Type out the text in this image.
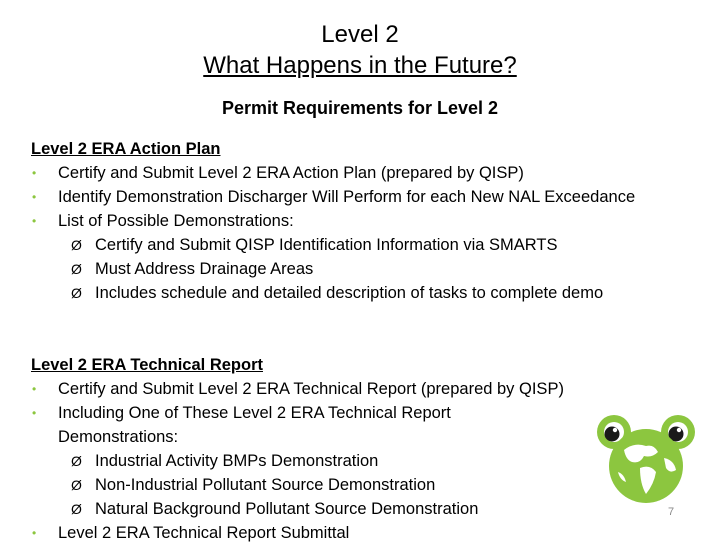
Level 2
What Happens in the Future?
Permit Requirements for Level 2
Level 2 ERA Action Plan
• Certify and Submit Level 2 ERA Action Plan (prepared by QISP)
• Identify Demonstration Discharger Will Perform for each New NAL Exceedance
• List of Possible Demonstrations:
Ø Certify and Submit QISP Identification Information via SMARTS
Ø Must Address Drainage Areas
Ø Includes schedule and detailed description of tasks to complete demo
Level 2 ERA Technical Report
• Certify and Submit Level 2 ERA Technical Report (prepared by QISP)
• Including One of These Level 2 ERA Technical Report Demonstrations:
Ø Industrial Activity BMPs Demonstration
Ø Non-Industrial Pollutant Source Demonstration
Ø Natural Background Pollutant Source Demonstration
• Level 2 ERA Technical Report Submittal
7
